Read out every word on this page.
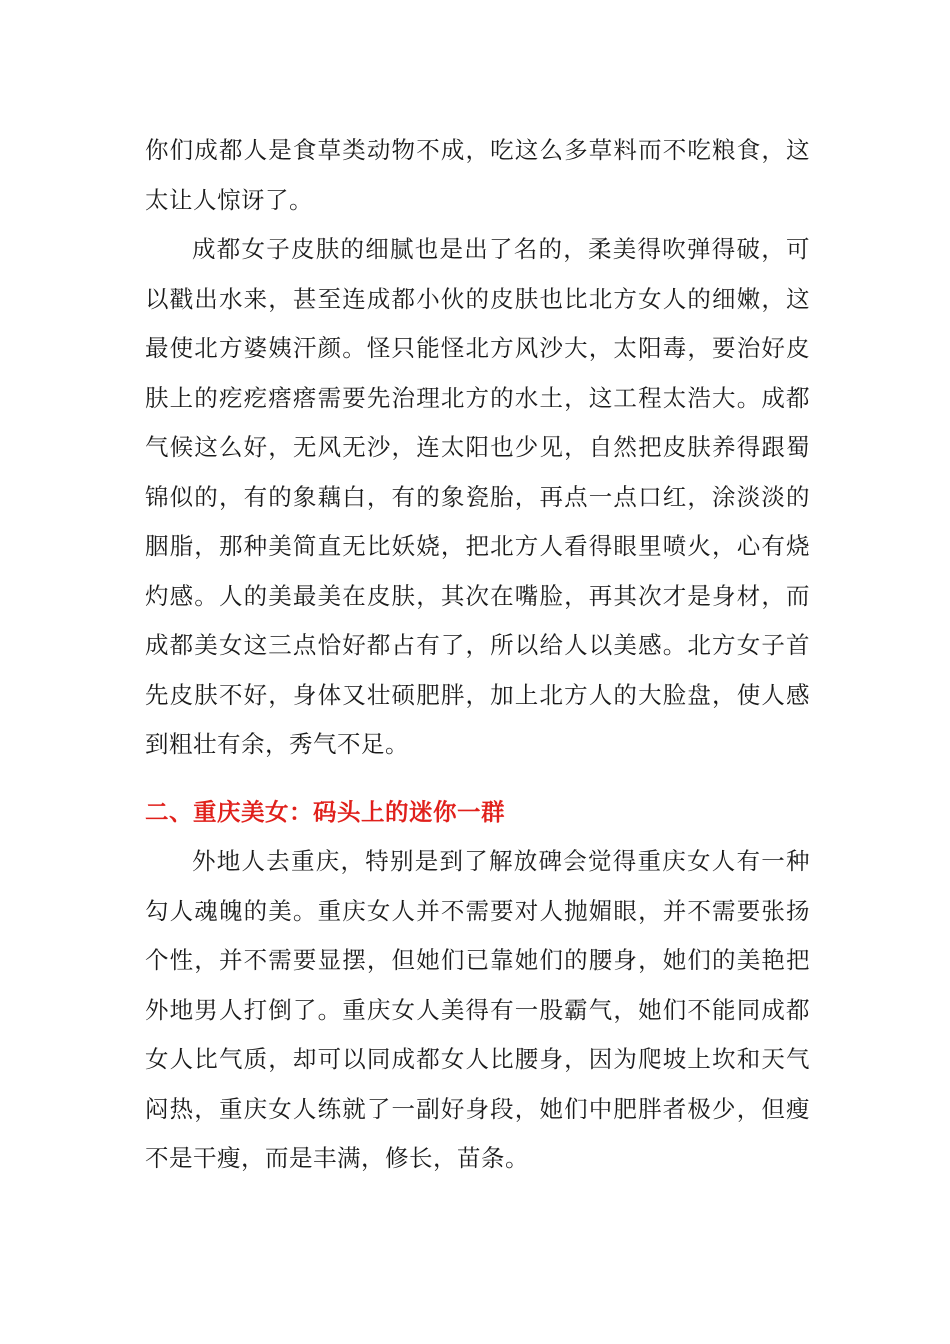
你们成都人是食草类动物不成，吃这么多草料而不吃粮食，这太让人惊讶了。

成都女子皮肤的细腻也是出了名的，柔美得吹弹得破，可以戳出水来，甚至连成都小伙的皮肤也比北方女人的细嫩，这最使北方婆姨汗颜。怪只能怪北方风沙大，太阳毒，要治好皮肤上的疙疙瘩瘩需要先治理北方的水土，这工程太浩大。成都气候这么好，无风无沙，连太阳也少见，自然把皮肤养得跟蜀锦似的，有的象藕白，有的象瓷胎，再点一点口红，涂淡淡的胭脂，那种美简直无比妖娆，把北方人看得眼里喷火，心有烧灼感。人的美最美在皮肤，其次在嘴脸，再其次才是身材，而成都美女这三点恰好都占有了，所以给人以美感。北方女子首先皮肤不好，身体又壮硕肥胖，加上北方人的大脸盘，使人感到粗壮有余，秀气不足。

二、重庆美女：码头上的迷你一群

外地人去重庆，特别是到了解放碑会觉得重庆女人有一种勾人魂魄的美。重庆女人并不需要对人抛媚眼，并不需要张扬个性，并不需要显摆，但她们已靠她们的腰身，她们的美艳把外地男人打倒了。重庆女人美得有一股霸气，她们不能同成都女人比气质，却可以同成都女人比腰身，因为爬坡上坎和天气闷热，重庆女人练就了一副好身段，她们中肥胖者极少，但瘦不是干瘦，而是丰满，修长，苗条。
